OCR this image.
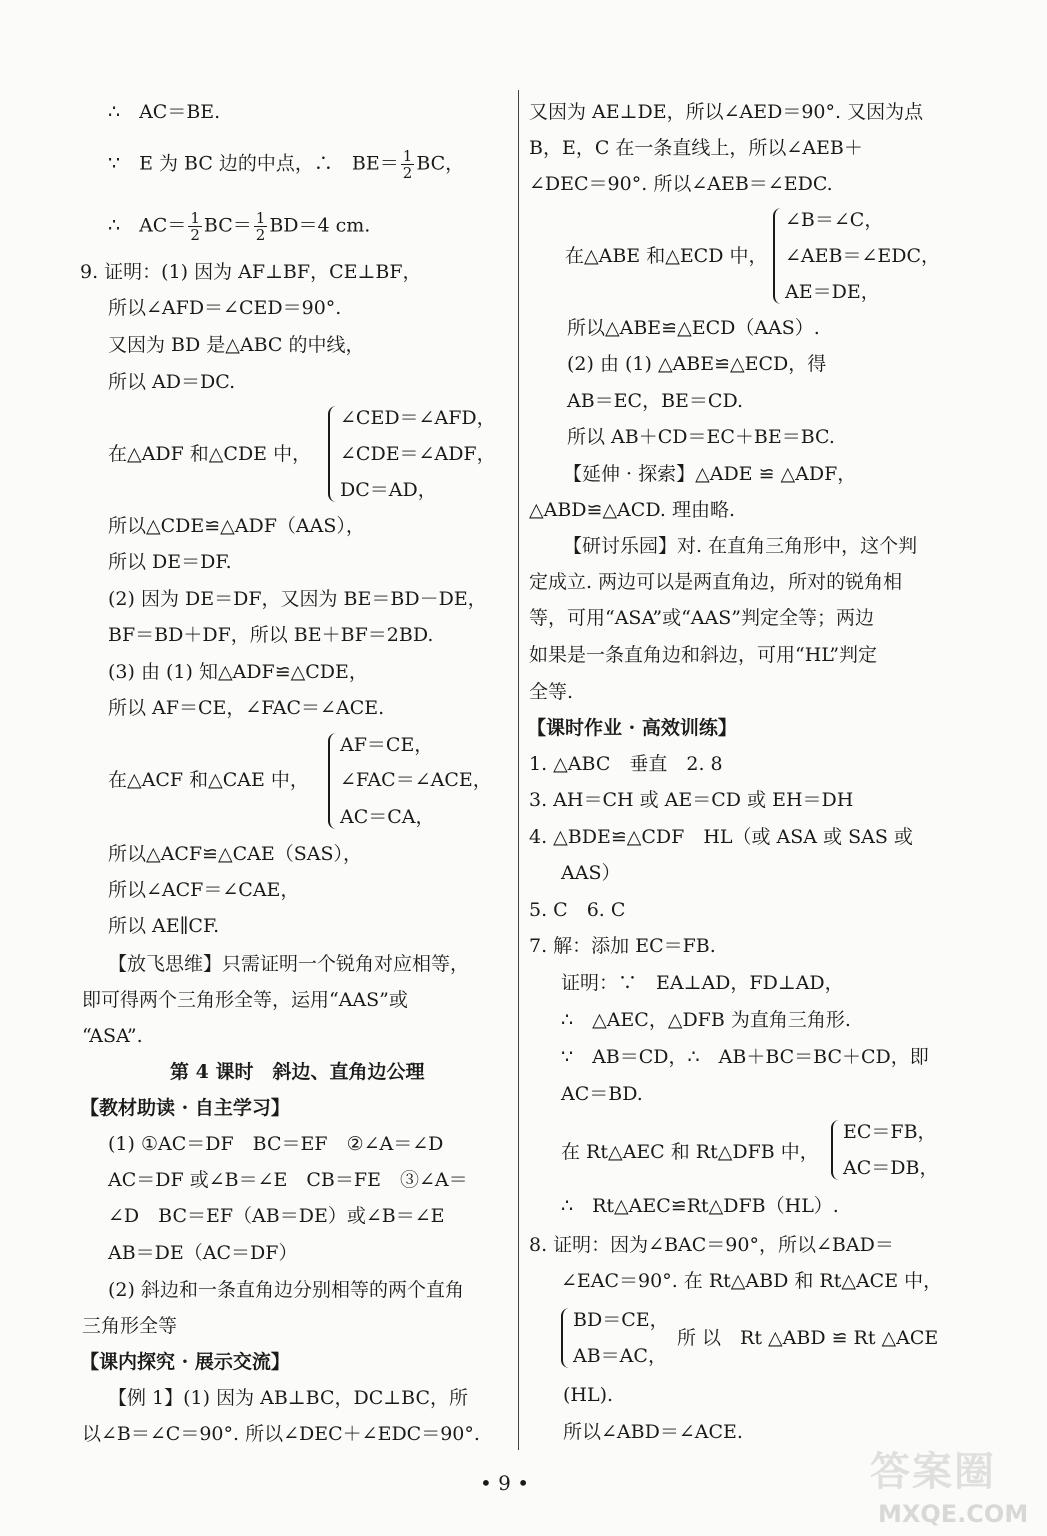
∴　AC＝BE.
∵　E 为 BC 边的中点，∴　$BE= \frac{1}{2}$ BC，
∴　$AC= \frac{1}{2} BC= \frac{1}{2} BD=4$ cm.
9. 证明：(1) 因为 AF⊥BF，CE⊥BF，
所以∠AFD＝∠CED＝90°.
又因为 BD 是△ABC 的中线，
所以 AD＝DC.
在△ADF 和△CDE 中，
∠CED＝∠AFD，
∠CDE＝∠ADF，
DC＝AD，
所以△CDE≌△ADF（AAS），
所以 DE＝DF.
(2) 因为 DE＝DF，又因为 BE＝BD－DE，
BF＝BD＋DF，所以 BE＋BF＝2BD.
(3) 由 (1) 知△ADF≌△CDE，
所以 AF＝CE，∠FAC＝∠ACE.
在△ACF 和△CAE 中，
AF＝CE，
∠FAC＝∠ACE，
AC＝CA，
所以△ACF≌△CAE（SAS），
所以∠ACF＝∠CAE，
所以 AE∥CF.
【放飞思维】只需证明一个锐角对应相等，
即可得两个三角形全等，运用“AAS”或
“ASA”.
第 4 课时　斜边、直角边公理
【教材助读 · 自主学习】
(1) ①AC＝DF　BC＝EF　②∠A＝∠D
AC＝DF 或∠B＝∠E　CB＝FE　③∠A＝
∠D　BC＝EF（AB＝DE）或∠B＝∠E
AB＝DE（AC＝DF）
(2) 斜边和一条直角边分别相等的两个直角
三角形全等
【课内探究 · 展示交流】
【例 1】(1) 因为 AB⊥BC，DC⊥BC，所
以∠B＝∠C＝90°. 所以∠DEC＋∠EDC＝90°.
又因为 AE⊥DE，所以∠AED＝90°. 又因为点
B，E，C 在一条直线上，所以∠AEB＋
∠DEC＝90°. 所以∠AEB＝∠EDC.
在△ABE 和△ECD 中，
∠B＝∠C，
∠AEB＝∠EDC，
AE＝DE，
所以△ABE≌△ECD（AAS）.
(2) 由 (1) △ABE≌△ECD，得
AB＝EC，BE＝CD.
所以 AB＋CD＝EC＋BE＝BC.
【延伸 · 探索】△ADE ≌ △ADF，
△ABD≌△ACD. 理由略.
【研讨乐园】对. 在直角三角形中，这个判
定成立. 两边可以是两直角边，所对的锐角相
等，可用“ASA”或“AAS”判定全等；两边
如果是一条直角边和斜边，可用“HL”判定
全等.
【课时作业 · 高效训练】
1. △ABC　垂直　2. 8
3. AH＝CH 或 AE＝CD 或 EH＝DH
4. △BDE≌△CDF　HL（或 ASA 或 SAS 或
AAS）
5. C　6. C
7. 解：添加 EC＝FB.
证明：∵　EA⊥AD，FD⊥AD，
∴　△AEC，△DFB 为直角三角形.
∵　AB＝CD，∴　AB＋BC＝BC＋CD，即
AC＝BD.
在 Rt△AEC 和 Rt△DFB 中，
EC＝FB，
AC＝DB，
∴　Rt△AEC≌Rt△DFB（HL）.
8. 证明：因为∠BAC＝90°，所以∠BAD＝
∠EAC＝90°. 在 Rt△ABD 和 Rt△ACE 中，
BD＝CE，
AB＝AC，
所 以　Rt △ABD ≌ Rt △ACE
(HL).
所以∠ABD＝∠ACE.
• 9 •	答案圈
MXQE.COM
